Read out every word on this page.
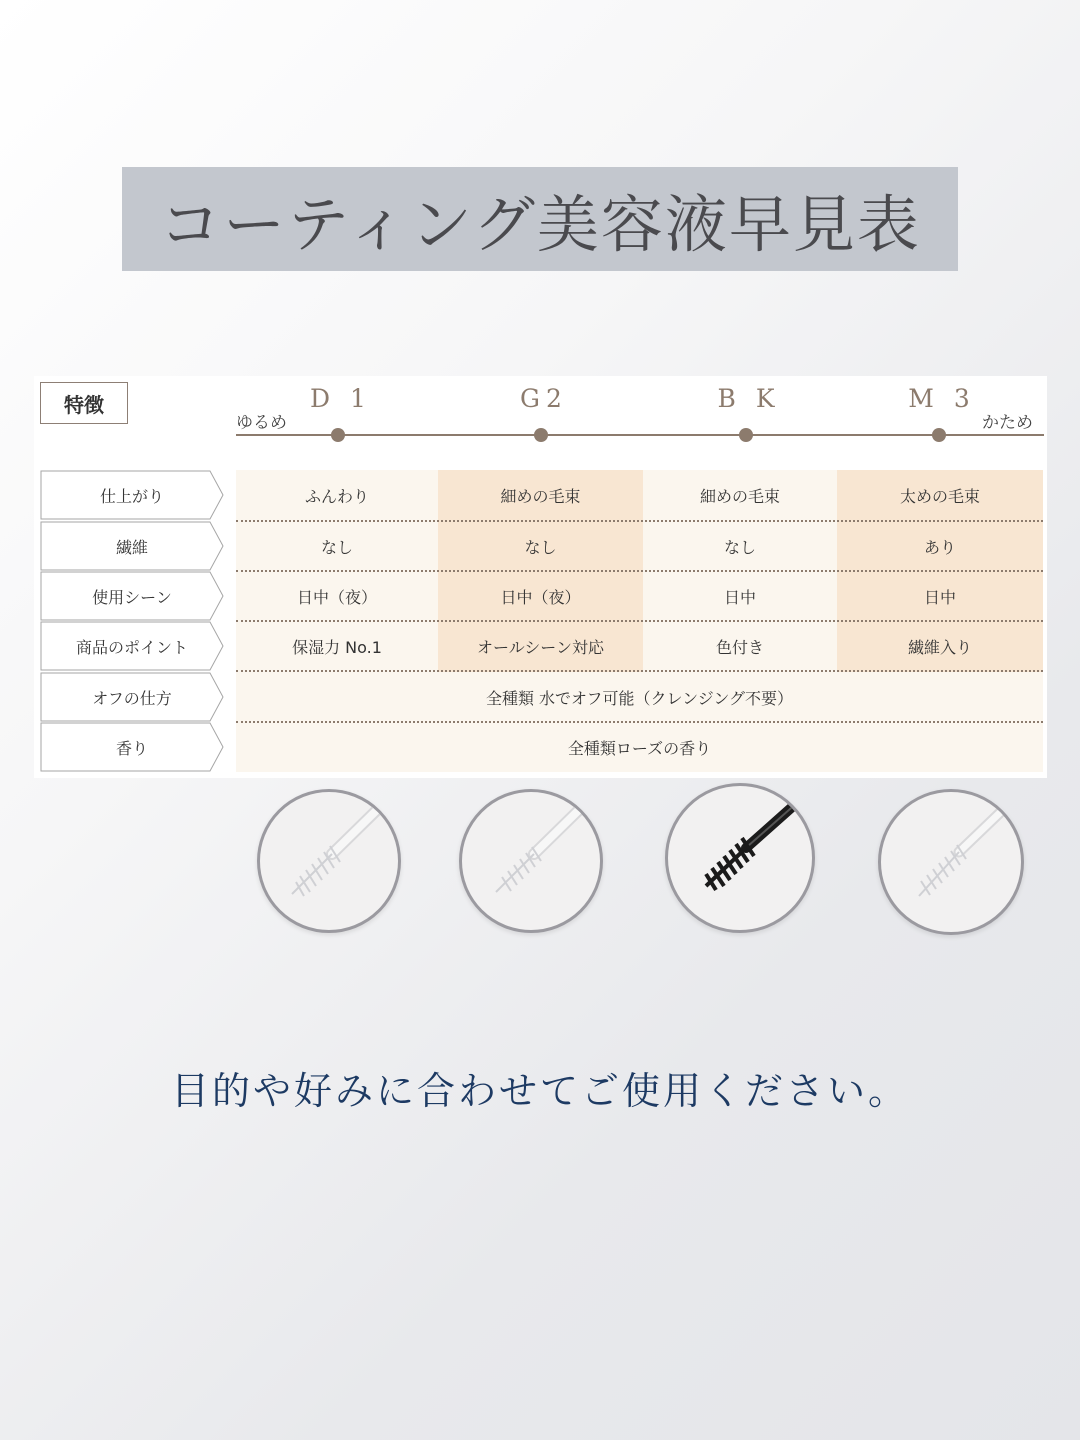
コーティング美容液早見表
特徴
ゆるめ	かため
D 1	G2	B K	M 3
仕上がり	ふんわり	細めの毛束	細めの毛束	太めの毛束
繊維	なし	なし	なし	あり
使用シーン	日中（夜）	日中（夜）	日中	日中
商品のポイント	保湿力 No.1	オールシーン対応	色付き	繊維入り
オフの仕方	全種類 水でオフ可能（クレンジング不要）
香り	全種類ローズの香り
目的や好みに合わせてご使用ください。
